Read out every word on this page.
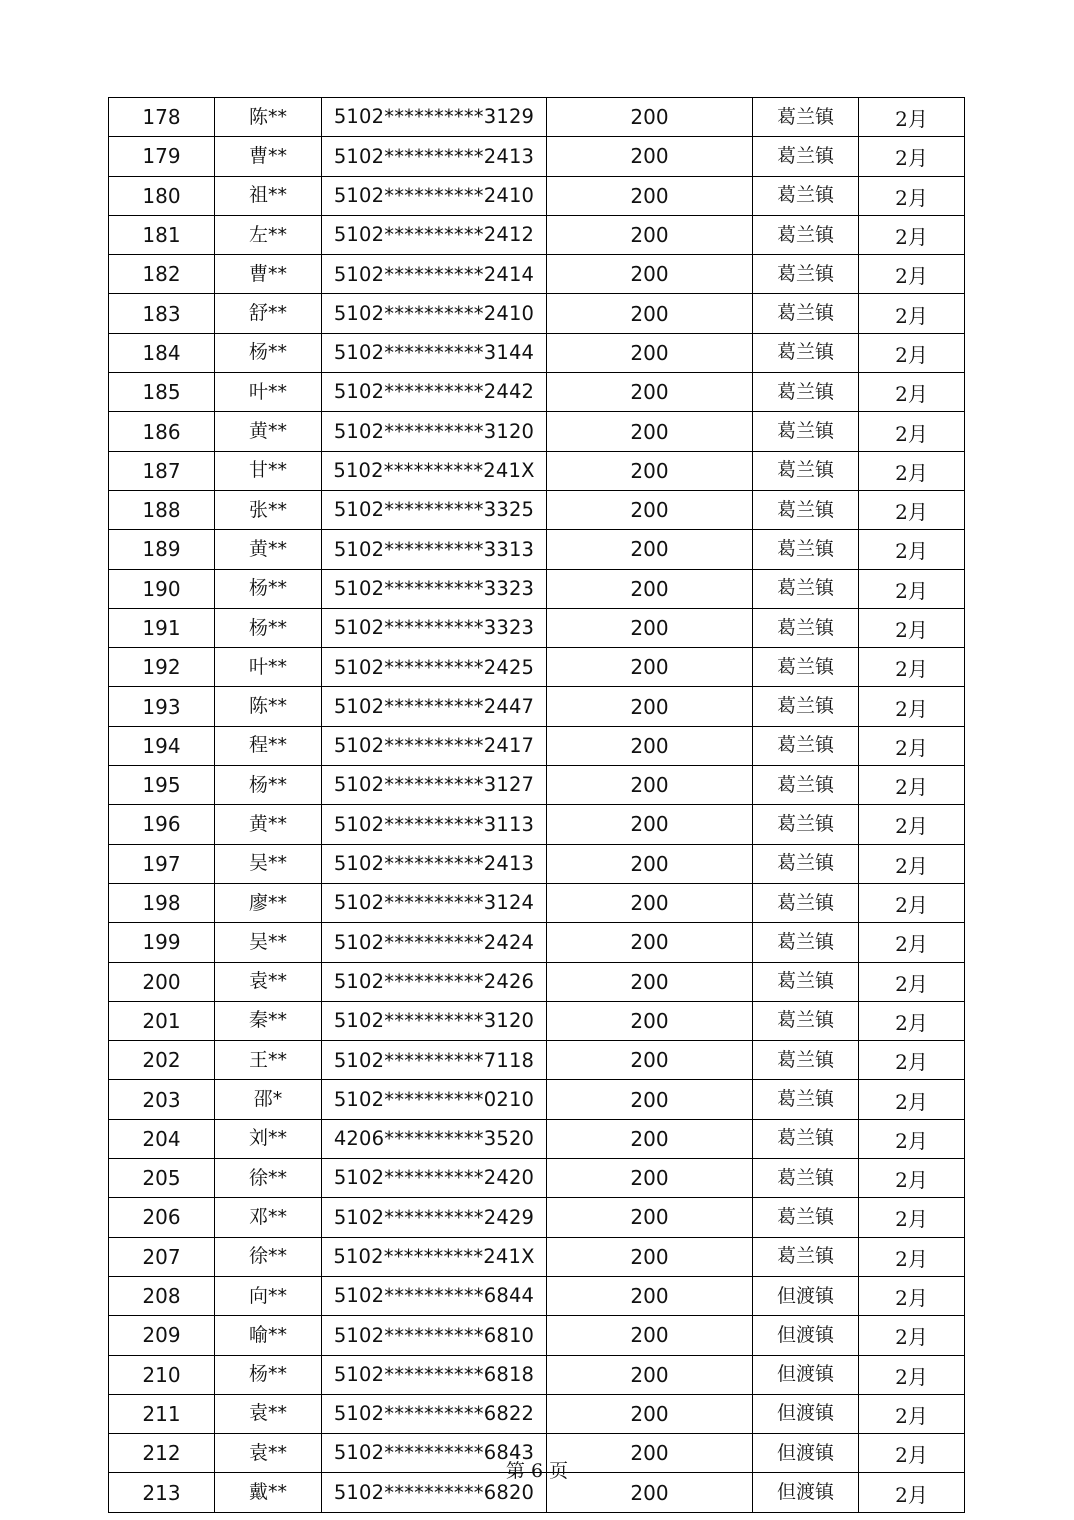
178	陈**	5102**********3129	200	葛兰镇	2月
179	曹**	5102**********2413	200	葛兰镇	2月
180	祖**	5102**********2410	200	葛兰镇	2月
181	左**	5102**********2412	200	葛兰镇	2月
182	曹**	5102**********2414	200	葛兰镇	2月
183	舒**	5102**********2410	200	葛兰镇	2月
184	杨**	5102**********3144	200	葛兰镇	2月
185	叶**	5102**********2442	200	葛兰镇	2月
186	黄**	5102**********3120	200	葛兰镇	2月
187	甘**	5102**********241X	200	葛兰镇	2月
188	张**	5102**********3325	200	葛兰镇	2月
189	黄**	5102**********3313	200	葛兰镇	2月
190	杨**	5102**********3323	200	葛兰镇	2月
191	杨**	5102**********3323	200	葛兰镇	2月
192	叶**	5102**********2425	200	葛兰镇	2月
193	陈**	5102**********2447	200	葛兰镇	2月
194	程**	5102**********2417	200	葛兰镇	2月
195	杨**	5102**********3127	200	葛兰镇	2月
196	黄**	5102**********3113	200	葛兰镇	2月
197	吴**	5102**********2413	200	葛兰镇	2月
198	廖**	5102**********3124	200	葛兰镇	2月
199	吴**	5102**********2424	200	葛兰镇	2月
200	袁**	5102**********2426	200	葛兰镇	2月
201	秦**	5102**********3120	200	葛兰镇	2月
202	王**	5102**********7118	200	葛兰镇	2月
203	邵*	5102**********0210	200	葛兰镇	2月
204	刘**	4206**********3520	200	葛兰镇	2月
205	徐**	5102**********2420	200	葛兰镇	2月
206	邓**	5102**********2429	200	葛兰镇	2月
207	徐**	5102**********241X	200	葛兰镇	2月
208	向**	5102**********6844	200	但渡镇	2月
209	喻**	5102**********6810	200	但渡镇	2月
210	杨**	5102**********6818	200	但渡镇	2月
211	袁**	5102**********6822	200	但渡镇	2月
212	袁**	5102**********6843	200	但渡镇	2月
213	戴**	5102**********6820	200	但渡镇	2月
第 6 页
